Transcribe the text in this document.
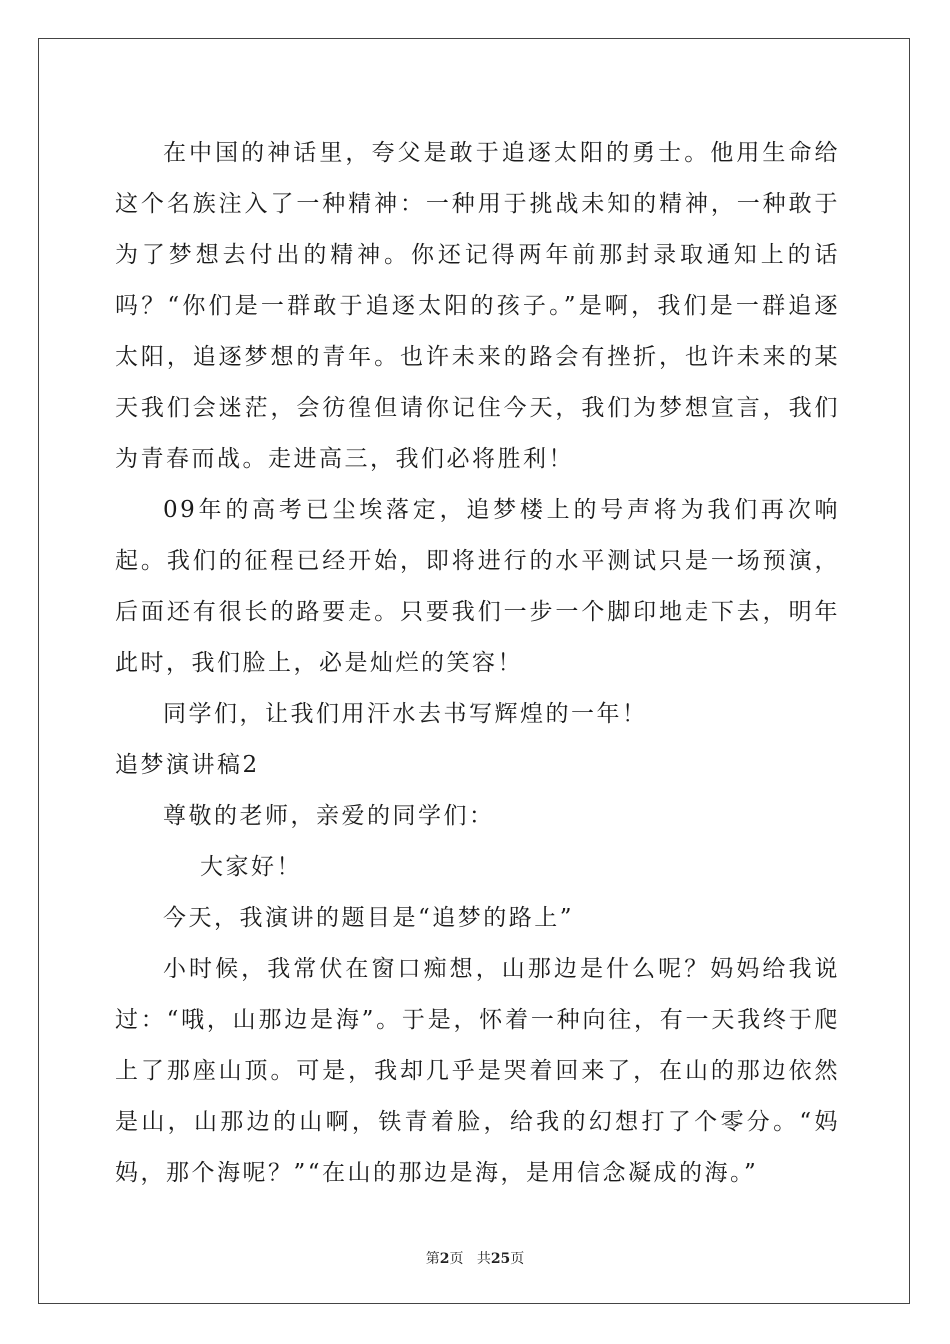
在中国的神话里，夸父是敢于追逐太阳的勇士。他用生命给这个名族注入了一种精神：一种用于挑战未知的精神，一种敢于为了梦想去付出的精神。你还记得两年前那封录取通知上的话吗？“你们是一群敢于追逐太阳的孩子。”是啊，我们是一群追逐太阳，追逐梦想的青年。也许未来的路会有挫折，也许未来的某天我们会迷茫，会彷徨但请你记住今天，我们为梦想宣言，我们为青春而战。走进高三，我们必将胜利！

09年的高考已尘埃落定，追梦楼上的号声将为我们再次响起。我们的征程已经开始，即将进行的水平测试只是一场预演，后面还有很长的路要走。只要我们一步一个脚印地走下去，明年此时，我们脸上，必是灿烂的笑容！

同学们，让我们用汗水去书写辉煌的一年！

追梦演讲稿2

尊敬的老师，亲爱的同学们：

大家好！

今天，我演讲的题目是“追梦的路上”

小时候，我常伏在窗口痴想，山那边是什么呢？妈妈给我说过：“哦，山那边是海”。于是，怀着一种向往，有一天我终于爬上了那座山顶。可是，我却几乎是哭着回来了，在山的那边依然是山，山那边的山啊，铁青着脸，给我的幻想打了个零分。“妈妈，那个海呢？”“在山的那边是海，是用信念凝成的海。”

第2页 共25页
